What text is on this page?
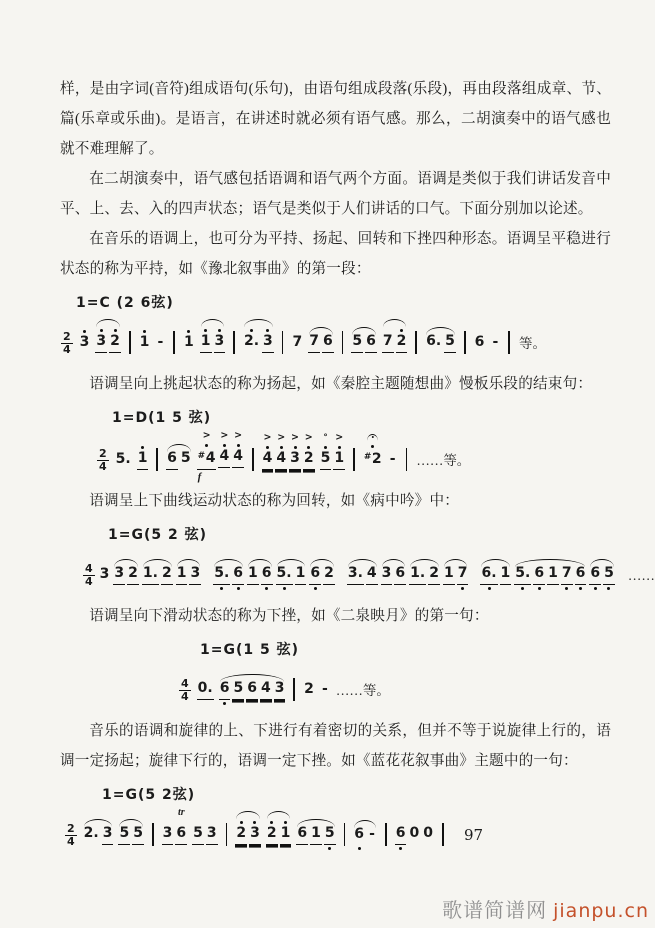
样，是由字词(音符)组成语句(乐句)，由语句组成段落(乐段)，再由段落组成章、节、篇(乐章或乐曲)。是语言，在讲述时就必须有语气感。那么，二胡演奏中的语气感也就不难理解了。

在二胡演奏中，语气感包括语调和语气两个方面。语调是类似于我们讲话发音中平、上、去、入的四声状态；语气是类似于人们讲话的口气。下面分别加以论述。

在音乐的语调上，也可分为平持、扬起、回转和下挫四种形态。语调呈平稳进行状态的称为平持，如《豫北叙事曲》的第一段：

1=C (2 6弦)
$\frac{2}{4} 3$ 3 2 1 - 1 1 3 2. 3 7 7 6 5 6 7 2 6. 5 6 - 等。

语调呈向上挑起状态的称为扬起，如《秦腔主题随想曲》慢板乐段的结束句：

1=D(1 5 弦)
$\frac{2}{4} 5$. 1 6 5
>
#4
f
>
4
>
4
>
4
>
4
>
3
>
2
°
5
>
1 #2 - ……等。

语调呈上下曲线运动状态的称为回转，如《病中吟》中：

1=G(5 2 弦)
$\frac{4}{4} 3$ 3 2 1. 2 1 3 5. 6 1 6 5. 1 6 2 3. 4 3 6 1. 2 1 7 6. 1 5. 6 1 7 6 6 5 ……

语调呈向下滑动状态的称为下挫，如《二泉映月》的第一句：

1=G(1 5 弦)
$\frac{4}{4} 0$. 6 5 6 4 3 2 - ……等。

音乐的语调和旋律的上、下进行有着密切的关系，但并不等于说旋律上行的，语调一定扬起；旋律下行的，语调一定下挫。如《蓝花花叙事曲》主题中的一句：

1=G(5 2弦)
$\frac{2}{4} 2$. 3 5 5 3
tr
6 5 3 2 3 2 1 6 1 5 6 - 6 0 0 97
歌谱简谱网 jianpu.cn
